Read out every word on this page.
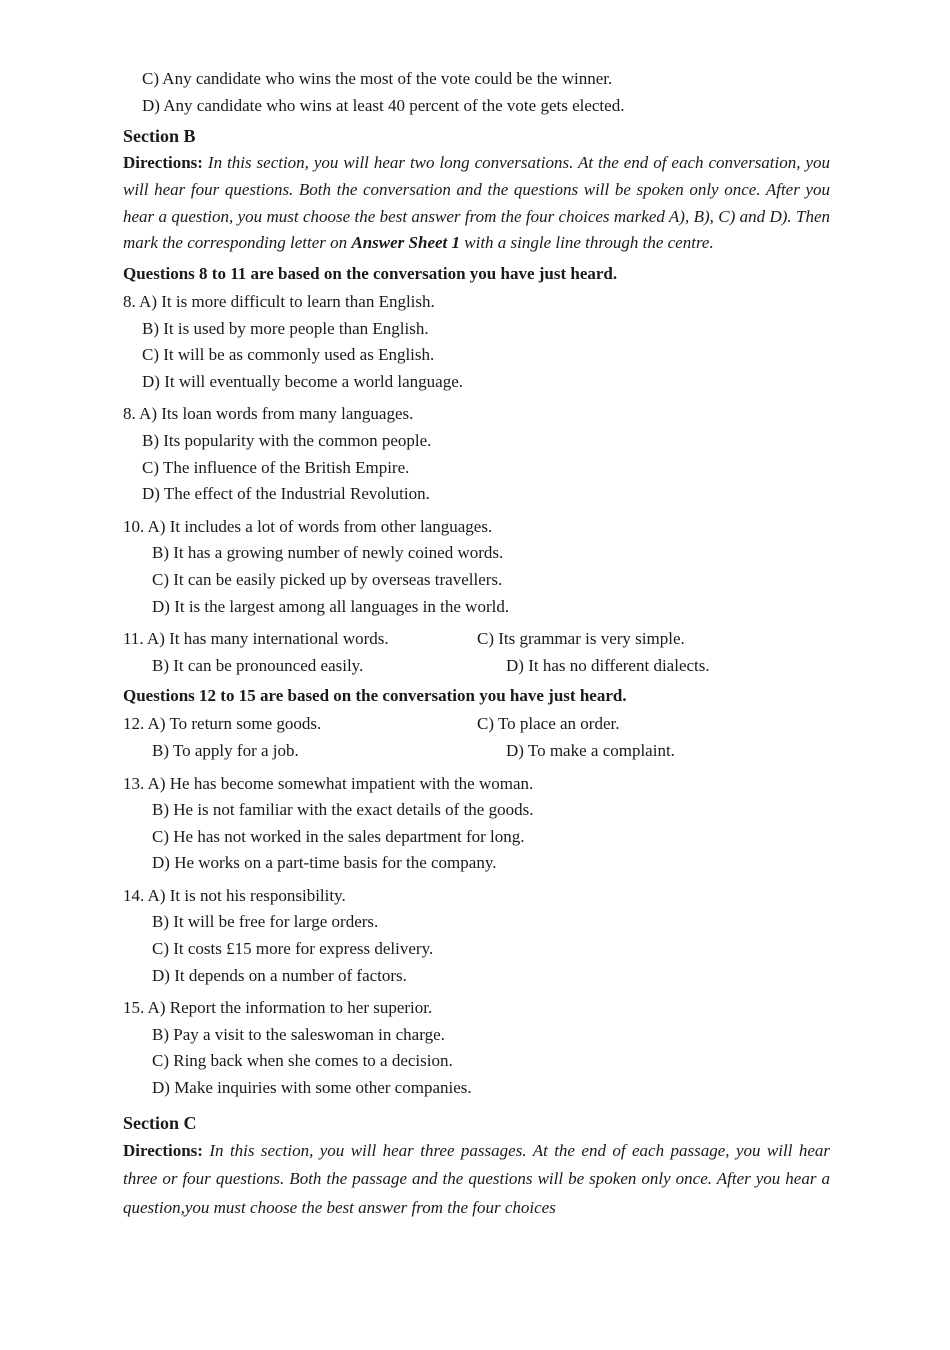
C) Any candidate who wins the most of the vote could be the winner.
D) Any candidate who wins at least 40 percent of the vote gets elected.
Section B
Directions: In this section, you will hear two long conversations. At the end of each conversation, you will hear four questions. Both the conversation and the questions will be spoken only once. After you hear a question, you must choose the best answer from the four choices marked A), B), C) and D). Then mark the corresponding letter on Answer Sheet 1 with a single line through the centre.
Questions 8 to 11 are based on the conversation you have just heard.
8. A) It is more difficult to learn than English.
B) It is used by more people than English.
C) It will be as commonly used as English.
D) It will eventually become a world language.
8. A) Its loan words from many languages.
B) Its popularity with the common people.
C) The influence of the British Empire.
D) The effect of the Industrial Revolution.
10. A) It includes a lot of words from other languages.
B) It has a growing number of newly coined words.
C) It can be easily picked up by overseas travellers.
D) It is the largest among all languages in the world.
11. A) It has many international words.	C) Its grammar is very simple.
B) It can be pronounced easily.	D) It has no different dialects.
Questions 12 to 15 are based on the conversation you have just heard.
12. A) To return some goods.	C) To place an order.
B) To apply for a job.	D) To make a complaint.
13. A) He has become somewhat impatient with the woman.
B) He is not familiar with the exact details of the goods.
C) He has not worked in the sales department for long.
D) He works on a part-time basis for the company.
14. A) It is not his responsibility.
B) It will be free for large orders.
C) It costs £15 more for express delivery.
D) It depends on a number of factors.
15. A) Report the information to her superior.
B) Pay a visit to the saleswoman in charge.
C) Ring back when she comes to a decision.
D) Make inquiries with some other companies.
Section C
Directions: In this section, you will hear three passages. At the end of each passage, you will hear three or four questions. Both the passage and the questions will be spoken only once. After you hear a question,you must choose the best answer from the four choices
